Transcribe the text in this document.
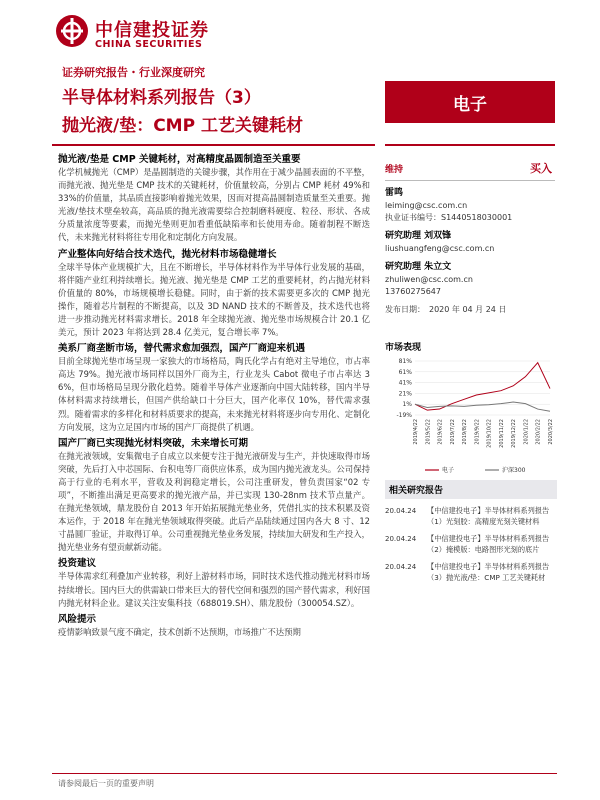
中信建投证券
CHINA SECURITIES
证券研究报告・行业深度研究
半导体材料系列报告（3）
抛光液/垫：CMP 工艺关键耗材
电子
抛光液/垫是 CMP 关键耗材，对高精度晶圆制造至关重要
化学机械抛光（CMP）是晶圆制造的关键步骤，其作用在于减少晶圆表面的不平整，而抛光液、抛光垫是 CMP 技术的关键耗材，价值量较高，分别占 CMP 耗材 49%和 33%的价值量，其品质直接影响着抛光效果，因而对提高晶圆制造质量至关重要。抛光液/垫技术壁垒较高，高品质的抛光液需要综合控制磨料硬度、粒径、形状、各成分质量浓度等要素，而抛光垫则更加看重低缺陷率和长使用寿命。随着制程不断迭代，未来抛光材料将往专用化和定制化方向发展。
产业整体向好结合技术迭代，抛光材料市场稳健增长
全球半导体产业规模扩大，且在不断增长，半导体材料作为半导体行业发展的基础，将伴随产业红利持续增长。抛光液、抛光垫是 CMP 工艺的重要耗材，约占抛光材料价值量的 80%，市场规模增长稳健。同时，由于新的技术需要更多次的 CMP 抛光操作，随着芯片制程的不断提高，以及 3D NAND 技术的不断普及，技术迭代也将进一步推动抛光材料需求增长。2018 年全球抛光液、抛光垫市场规模合计 20.1 亿美元，预计 2023 年将达到 28.4 亿美元，复合增长率 7%。
美系厂商垄断市场，替代需求愈加强烈，国产厂商迎来机遇
目前全球抛光垫市场呈现一家独大的市场格局，陶氏化学占有绝对主导地位，市占率高达 79%。抛光液市场同样以国外厂商为主，行业龙头 Cabot 微电子市占率达 36%，但市场格局呈现分散化趋势。随着半导体产业逐渐向中国大陆转移，国内半导体材料需求持续增长，但国产供给缺口十分巨大，国产化率仅 10%，替代需求强烈。随着需求的多样化和材料质要求的提高，未来抛光材料将逐步向专用化、定制化方向发展，这为立足国内市场的国产厂商提供了机遇。
国产厂商已实现抛光材料突破，未来增长可期
在抛光液领域，安集微电子自成立以来便专注于抛光液研发与生产，并快速取得市场突破，先后打入中芯国际、台积电等厂商供应体系，成为国内抛光液龙头。公司保持高于行业的毛利水平，营收及利润稳定增长，公司注重研发，曾负责国家“02 专项”，不断推出满足更高要求的抛光液产品，并已实现 130-28nm 技术节点量产。在抛光垫领域，鼎龙股份自 2013 年开始拓展抛光垫业务，凭借扎实的技术积累及资本运作，于 2018 年在抛光垫领域取得突破。此后产品陆续通过国内各大 8 寸、12 寸晶圆厂验证，并取得订单。公司重视抛光垫业务发展，持续加大研发和生产投入，抛光垫业务有望贡献新动能。
投资建议
半导体需求红利叠加产业转移，利好上游材料市场，同时技术迭代推动抛光材料市场持续增长。国内巨大的供需缺口带来巨大的替代空间和强烈的国产替代需求，利好国内抛光材料企业。建议关注安集科技（688019.SH）、鼎龙股份（300054.SZ）。
风险提示
疫情影响致景气度不确定，技术创新不达预期，市场推广不达预期
维持	买入
雷鸣
leiming@csc.com.cn
执业证书编号：S1440518030001
研究助理 刘双锋
liushuangfeng@csc.com.cn
研究助理 朱立文
zhuliwen@csc.com.cn
13760275647
发布日期：　2020 年 04 月 24 日
市场表现
81%
61%
41%
21%
1%
-19%
2019/4/22 2019/5/22 2019/6/22 2019/7/22 2019/8/22 2019/9/22 2019/10/22 2019/11/22 2019/12/22 2020/1/22 2020/2/22 2020/3/22
电子	沪深300
相关研究报告
20.04.24	【中信建投电子】半导体材料系列报告（1）光刻胶：高精度光刻关键材料
20.04.24	【中信建投电子】半导体材料系列报告（2）掩模版：电路图形光刻的底片
20.04.24	【中信建投电子】半导体材料系列报告（3）抛光液/垫：CMP 工艺关键耗材
请参阅最后一页的重要声明
